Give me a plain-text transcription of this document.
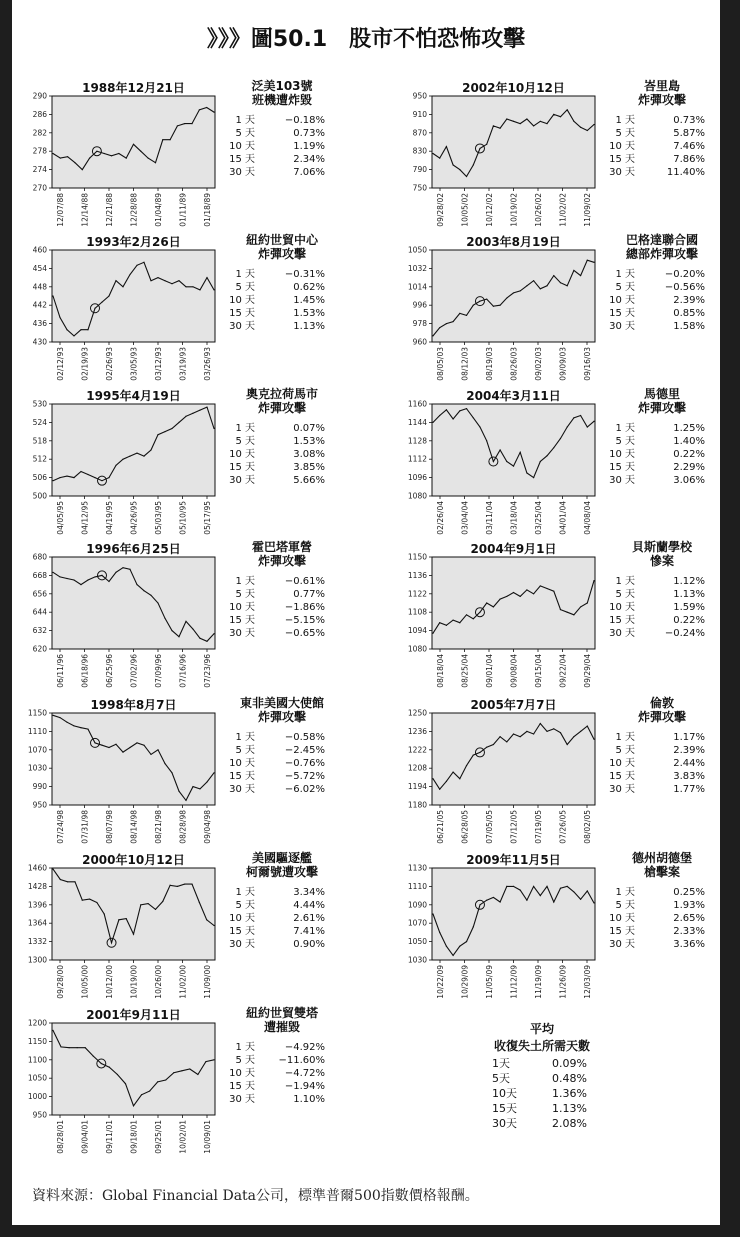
》》》圖50.1　股市不怕恐怖攻擊
1988年12月21日	泛美103號
班機遭炸毀
1 天	−0.18%
5 天	0.73%
10 天	1.19%
15 天	2.34%
30 天	7.06%
290
286
282
278
274
270
12/07/88 12/14/88 12/21/88 12/28/88 01/04/89 01/11/89 01/18/89
2002年10月12日	峇里島
炸彈攻擊
1 天	0.73%
5 天	5.87%
10 天	7.46%
15 天	7.86%
30 天	11.40%
950
910
870
830
790
750
09/28/02 10/05/02 10/12/02 10/19/02 10/26/02 11/02/02 11/09/02
1993年2月26日	紐約世貿中心
炸彈攻擊
1 天	−0.31%
5 天	0.62%
10 天	1.45%
15 天	1.53%
30 天	1.13%
460
454
448
442
436
430
02/12/93 02/19/93 02/26/93 03/05/93 03/12/93 03/19/93 03/26/93
2003年8月19日	巴格達聯合國
總部炸彈攻擊
1 天	−0.20%
5 天	−0.56%
10 天	2.39%
15 天	0.85%
30 天	1.58%
1050
1032
1014
996
978
960
08/05/03 08/12/03 08/19/03 08/26/03 09/02/03 09/09/03 09/16/03
1995年4月19日	奧克拉荷馬市
炸彈攻擊
1 天	0.07%
5 天	1.53%
10 天	3.08%
15 天	3.85%
30 天	5.66%
530
524
518
512
506
500
04/05/95 04/12/95 04/19/95 04/26/95 05/03/95 05/10/95 05/17/95
2004年3月11日	馬德里
炸彈攻擊
1 天	1.25%
5 天	1.40%
10 天	0.22%
15 天	2.29%
30 天	3.06%
1160
1144
1128
1112
1096
1080
02/26/04 03/04/04 03/11/04 03/18/04 03/25/04 04/01/04 04/08/04
1996年6月25日	霍巴塔軍營
炸彈攻擊
1 天	−0.61%
5 天	0.77%
10 天	−1.86%
15 天	−5.15%
30 天	−0.65%
680
668
656
644
632
620
06/11/96 06/18/96 06/25/96 07/02/96 07/09/96 07/16/96 07/23/96
2004年9月1日	貝斯蘭學校
慘案
1 天	1.12%
5 天	1.13%
10 天	1.59%
15 天	0.22%
30 天	−0.24%
1150
1136
1122
1108
1094
1080
08/18/04 08/25/04 09/01/04 09/08/04 09/15/04 09/22/04 09/29/04
1998年8月7日	東非美國大使館
炸彈攻擊
1 天	−0.58%
5 天	−2.45%
10 天	−0.76%
15 天	−5.72%
30 天	−6.02%
1150
1110
1070
1030
990
950
07/24/98 07/31/98 08/07/98 08/14/98 08/21/98 08/28/98 09/04/98
2005年7月7日	倫敦
炸彈攻擊
1 天	1.17%
5 天	2.39%
10 天	2.44%
15 天	3.83%
30 天	1.77%
1250
1236
1222
1208
1194
1180
06/21/05 06/28/05 07/05/05 07/12/05 07/19/05 07/26/05 08/02/05
2000年10月12日	美國驅逐艦
柯爾號遭攻擊
1 天	3.34%
5 天	4.44%
10 天	2.61%
15 天	7.41%
30 天	0.90%
1460
1428
1396
1364
1332
1300
09/28/00 10/05/00 10/12/00 10/19/00 10/26/00 11/02/00 11/09/00
2009年11月5日	德州胡德堡
槍擊案
1 天	0.25%
5 天	1.93%
10 天	2.65%
15 天	2.33%
30 天	3.36%
1130
1110
1090
1070
1050
1030
10/22/09 10/29/09 11/05/09 11/12/09 11/19/09 11/26/09 12/03/09
2001年9月11日	紐約世貿雙塔
遭摧毀
1 天	−4.92%
5 天 −11.60%
10 天	−4.72%
15 天	−1.94%
30 天	1.10%
1200
1150
1100
1050
1000
950
08/28/01 09/04/01 09/11/01 09/18/01 09/25/01 10/02/01 10/09/01
平均
收復失土所需天數
1天	0.09%
5天	0.48%
10天	1.36%
15天	1.13%
30天	2.08%
資料來源：Global Financial Data公司，標準普爾500指數價格報酬。
